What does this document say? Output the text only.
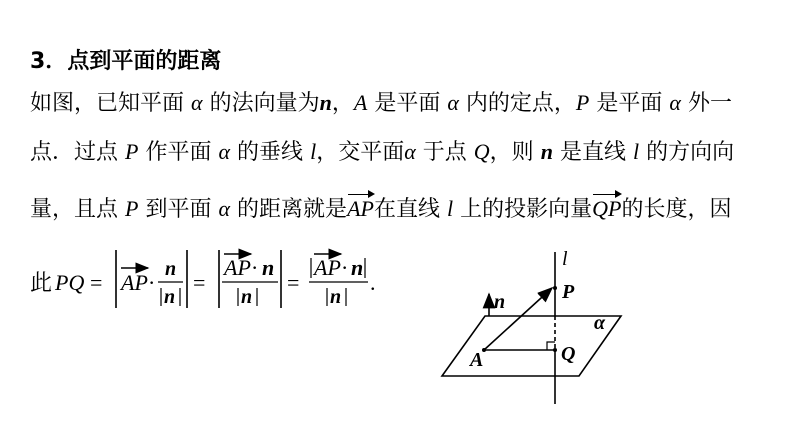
3．点到平面的距离
如图，已知平面 α 的法向量为n，A 是平面 α 内的定点，P 是平面 α 外一
点．过点 P 作平面 α 的垂线 l，交平面α 于点 Q，则 n 是直线 l 的方向向
量，且点 P 到平面 α 的距离就是AP在直线 l 上的投影向量QP的长度，因
此 PQ = AP ·
n
n
=
AP · n
n
=
AP · n
n
.
l
P
n
α
A	Q
